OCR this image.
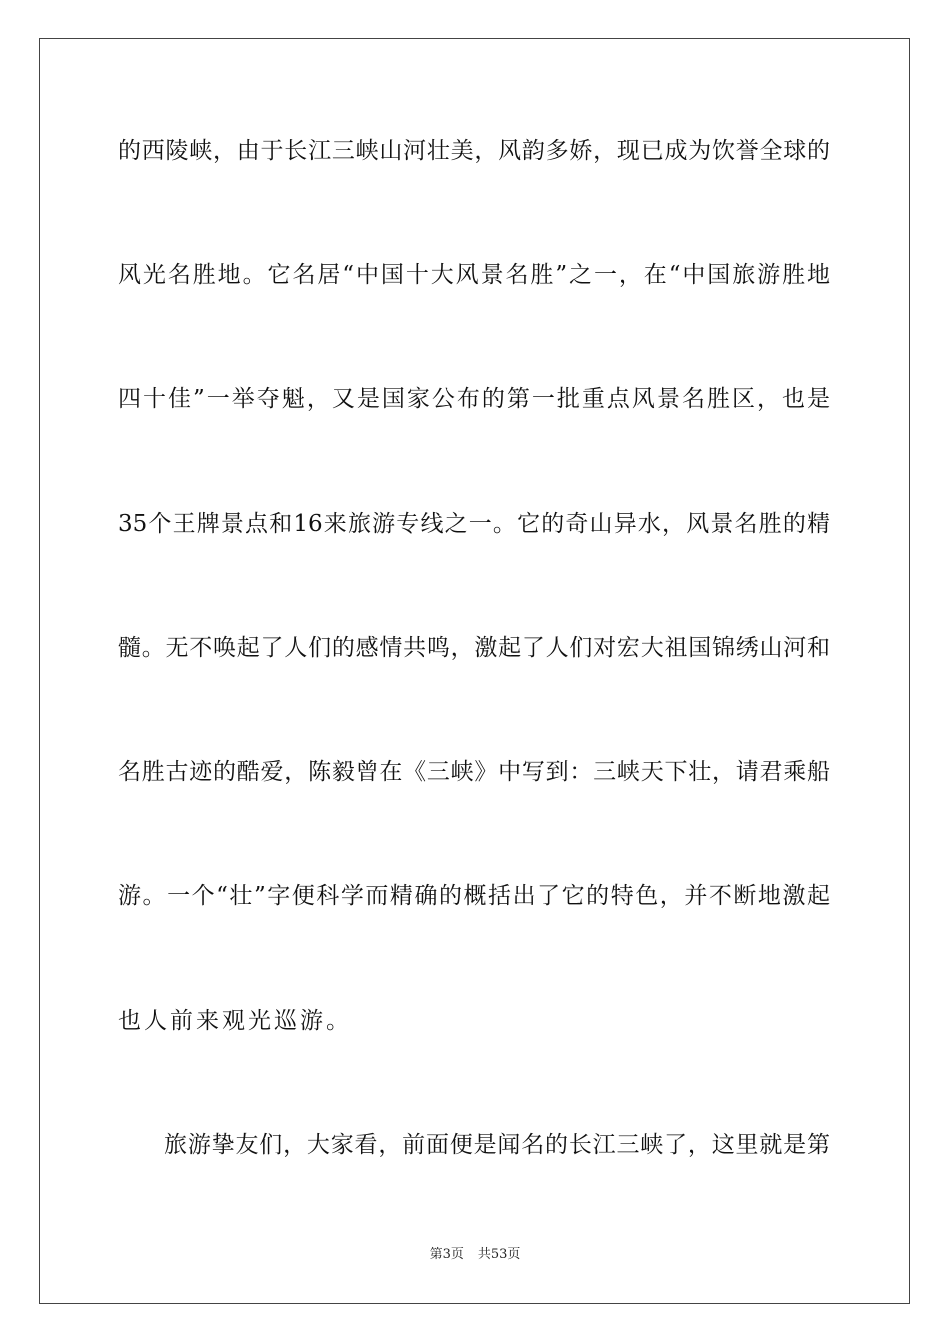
的西陵峡，由于长江三峡山河壮美，风韵多娇，现已成为饮誉全球的
风光名胜地。它名居“中国十大风景名胜”之一，在“中国旅游胜地
四十佳”一举夺魁，又是国家公布的第一批重点风景名胜区，也是
35个王牌景点和16来旅游专线之一。它的奇山异水，风景名胜的精
髓。无不唤起了人们的感情共鸣，激起了人们对宏大祖国锦绣山河和
名胜古迹的酷爱，陈毅曾在《三峡》中写到：三峡天下壮，请君乘船
游。一个“壮”字便科学而精确的概括出了它的特色，并不断地激起
也人前来观光巡游。
旅游挚友们，大家看，前面便是闻名的长江三峡了，这里就是第
第3页 共53页
